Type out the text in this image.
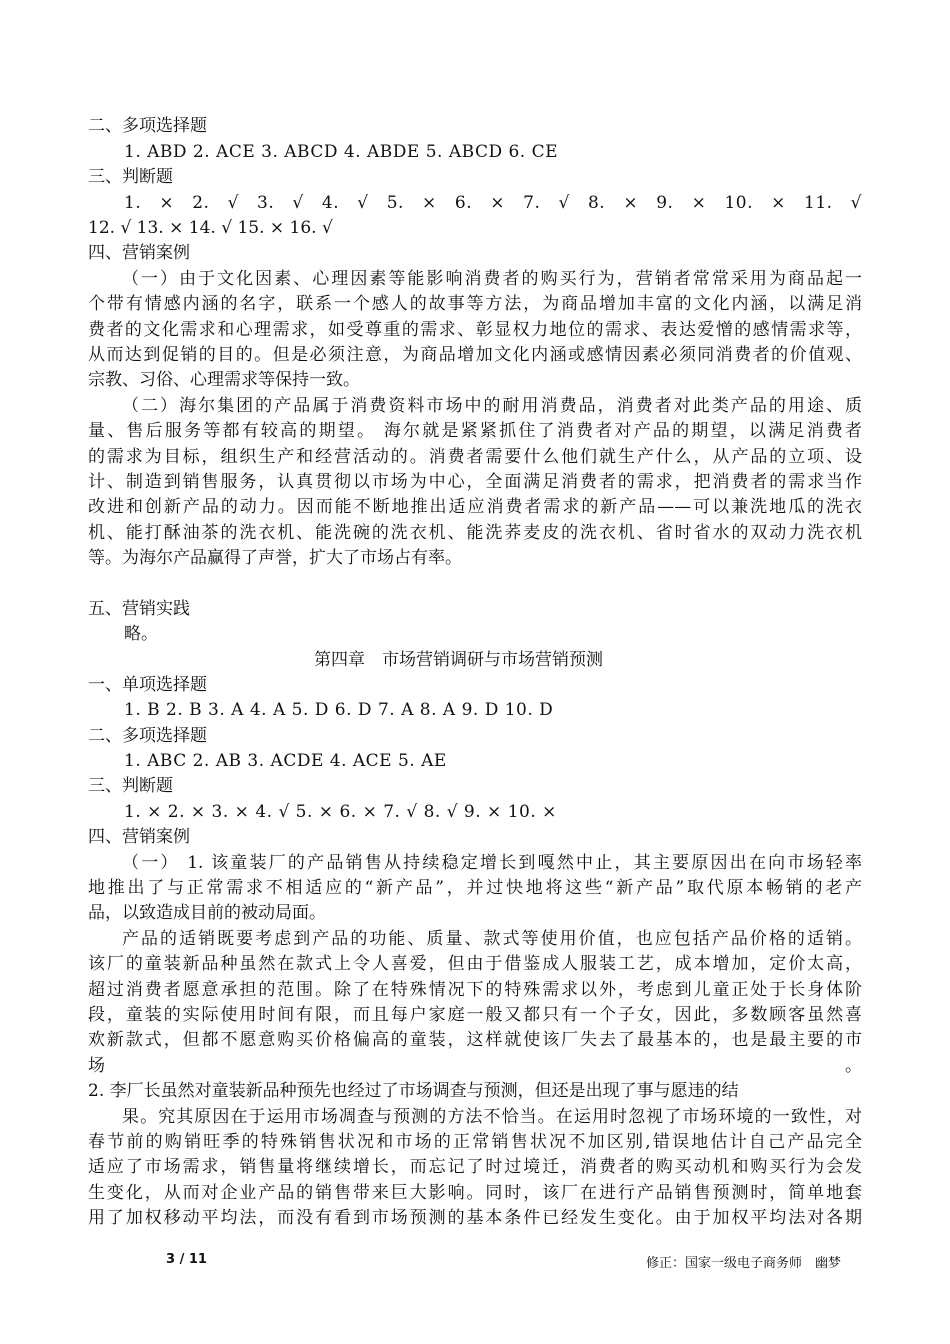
二、多项选择题
1. ABD 2. ACE 3. ABCD 4. ABDE 5. ABCD 6. CE
三、判断题
1. × 2. √ 3. √ 4. √ 5. × 6. × 7. √ 8. × 9. × 10. × 11. √
12. √ 13. × 14. √ 15. × 16. √
四、营销案例
（一）由于文化因素、心理因素等能影响消费者的购买行为，营销者常常采用为商品起一
个带有情感内涵的名字，联系一个感人的故事等方法，为商品增加丰富的文化内涵，以满足消
费者的文化需求和心理需求，如受尊重的需求、彰显权力地位的需求、表达爱憎的感情需求等，
从而达到促销的目的。但是必须注意，为商品增加文化内涵或感情因素必须同消费者的价值观、
宗教、习俗、心理需求等保持一致。
（二）海尔集团的产品属于消费资料市场中的耐用消费品，消费者对此类产品的用途、质
量、售后服务等都有较高的期望。 海尔就是紧紧抓住了消费者对产品的期望，以满足消费者
的需求为目标，组织生产和经营活动的。消费者需要什么他们就生产什么，从产品的立项、设
计、制造到销售服务，认真贯彻以市场为中心，全面满足消费者的需求，把消费者的需求当作
改进和创新产品的动力。因而能不断地推出适应消费者需求的新产品——可以兼洗地瓜的洗衣
机、能打酥油茶的洗衣机、能洗碗的洗衣机、能洗荞麦皮的洗衣机、省时省水的双动力洗衣机
等。为海尔产品赢得了声誉，扩大了市场占有率。
五、营销实践
略。
第四章　市场营销调研与市场营销预测
一、单项选择题
1. B 2. B 3. A 4. A 5. D 6. D 7. A 8. A 9. D 10. D
二、多项选择题
1. ABC 2. AB 3. ACDE 4. ACE 5. AE
三、判断题
1. × 2. × 3. × 4. √ 5. × 6. × 7. √ 8. √ 9. × 10. ×
四、营销案例
（一） 1. 该童装厂的产品销售从持续稳定增长到嘎然中止，其主要原因出在向市场轻率
地推出了与正常需求不相适应的“新产品”，并过快地将这些“新产品”取代原本畅销的老产
品，以致造成目前的被动局面。
产品的适销既要考虑到产品的功能、质量、款式等使用价值，也应包括产品价格的适销。
该厂的童装新品种虽然在款式上令人喜爱，但由于借鉴成人服装工艺，成本增加，定价太高，
超过消费者愿意承担的范围。除了在特殊情况下的特殊需求以外，考虑到儿童正处于长身体阶
段，童装的实际使用时间有限，而且每户家庭一般又都只有一个子女，因此，多数顾客虽然喜
欢新款式，但都不愿意购买价格偏高的童装，这样就使该厂失去了最基本的，也是最主要的市
场。
2. 李厂长虽然对童装新品种预先也经过了市场调查与预测，但还是出现了事与愿违的结
果。究其原因在于运用市场凋查与预测的方法不恰当。在运用时忽视了市场环境的一致性，对
春节前的购销旺季的特殊销售状况和市场的正常销售状况不加区别,错误地估计自己产品完全
适应了市场需求，销售量将继续增长，而忘记了时过境迁，消费者的购买动机和购买行为会发
生变化，从而对企业产品的销售带来巨大影响。同时，该厂在进行产品销售预测时，简单地套
用了加权移动平均法，而没有看到市场预测的基本条件已经发生变化。由于加权平均法对各期
3 / 11	修正：国家一级电子商务师　幽梦
